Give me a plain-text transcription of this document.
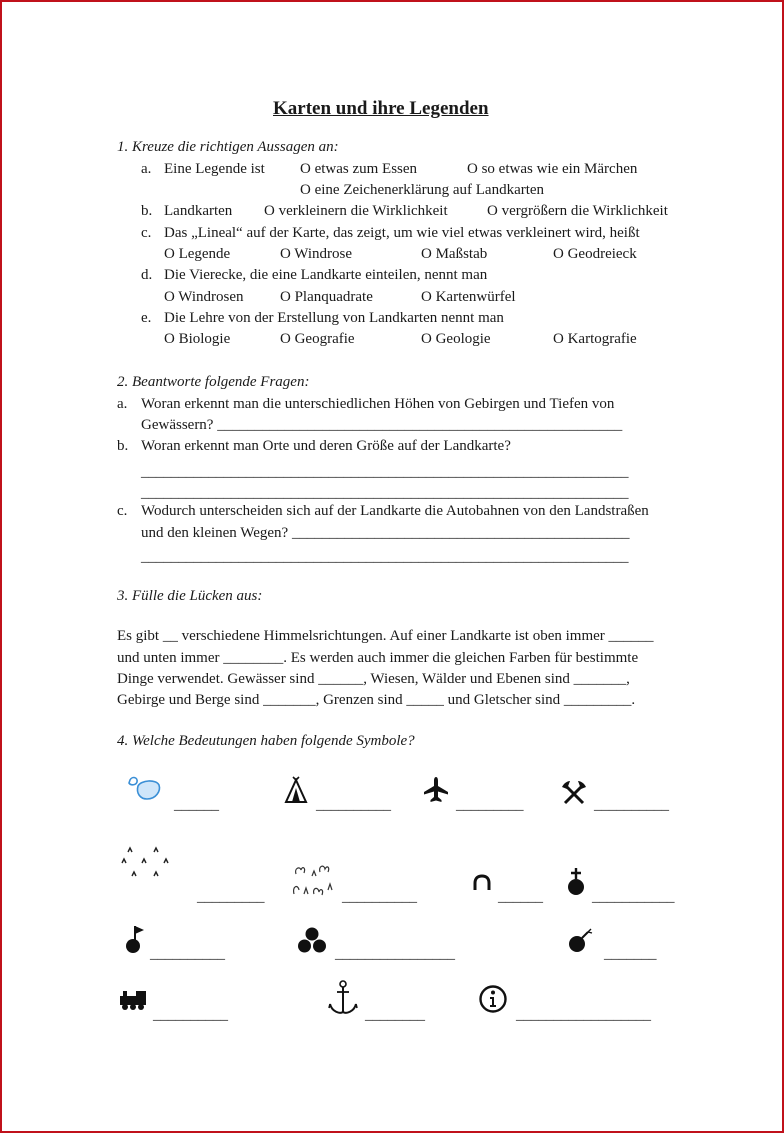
Karten und ihre Legenden
1. Kreuze die richtigen Aussagen an:
a. Eine Legende ist O etwas zum Essen	O so etwas wie ein Märchen
O eine Zeichenerklärung auf Landkarten
b. Landkarten O verkleinern die Wirklichkeit	O vergrößern die Wirklichkeit
c. Das „Lineal“ auf der Karte, das zeigt, um wie viel etwas verkleinert wird, heißt
O Legende	O Windrose	O Maßstab	O Geodreieck
d. Die Vierecke, die eine Landkarte einteilen, nennt man
O Windrosen O Planquadrate	O Kartenwürfel
e. Die Lehre von der Erstellung von Landkarten nennt man
O Biologie	O Geografie	O Geologie	O Kartografie
2. Beantworte folgende Fragen:
a. Woran erkennt man die unterschiedlichen Höhen von Gebirgen und Tiefen von
Gewässern? ______________________________________________________
b. Woran erkennt man Orte und deren Größe auf der Landkarte?
_________________________________________________________________
_________________________________________________________________
c. Wodurch unterscheiden sich auf der Landkarte die Autobahnen von den Landstraßen
und den kleinen Wegen? _____________________________________________
_________________________________________________________________
3. Fülle die Lücken aus:
Es gibt __ verschiedene Himmelsrichtungen. Auf einer Landkarte ist oben immer ______
und unten immer ________. Es werden auch immer die gleichen Farben für bestimmte
Dinge verwendet. Gewässer sind ______, Wiesen, Wälder und Ebenen sind _______,
Gebirge und Berge sind _______, Grenzen sind _____ und Gletscher sind _________.
4. Welche Bedeutungen haben folgende Symbole?
______	__________	_________	__________
_________	__________	______	___________
__________	________________	_______
__________	________	__________________
